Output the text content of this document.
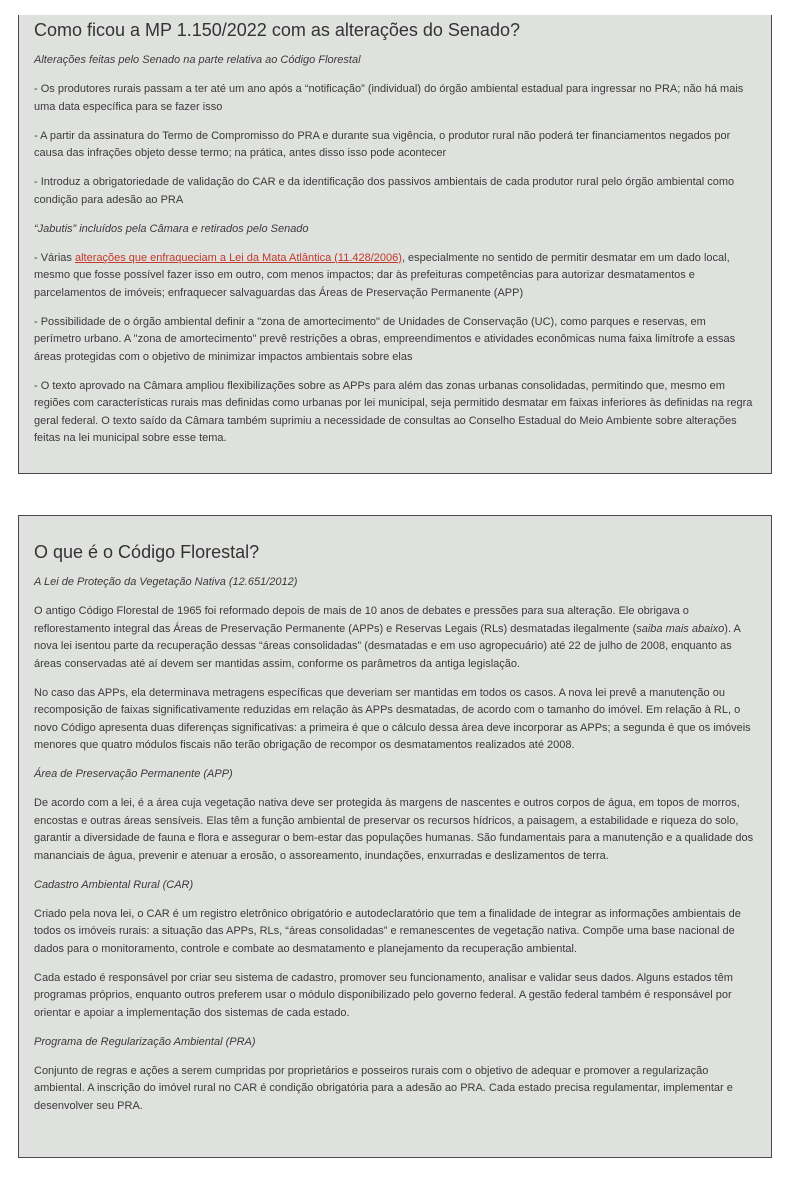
Como ficou a MP 1.150/2022 com as alterações do Senado?

Alterações feitas pelo Senado na parte relativa ao Código Florestal

- Os produtores rurais passam a ter até um ano após a “notificação” (individual) do órgão ambiental estadual para ingressar no PRA; não há mais uma data específica para se fazer isso

- A partir da assinatura do Termo de Compromisso do PRA e durante sua vigência, o produtor rural não poderá ter financiamentos negados por causa das infrações objeto desse termo; na prática, antes disso isso pode acontecer

- Introduz a obrigatoriedade de validação do CAR e da identificação dos passivos ambientais de cada produtor rural pelo órgão ambiental como condição para adesão ao PRA

“Jabutis” incluídos pela Câmara e retirados pelo Senado

- Várias alterações que enfraqueciam a Lei da Mata Atlântica (11.428/2006), especialmente no sentido de permitir desmatar em um dado local, mesmo que fosse possível fazer isso em outro, com menos impactos; dar às prefeituras competências para autorizar desmatamentos e parcelamentos de imóveis; enfraquecer salvaguardas das Áreas de Preservação Permanente (APP)

- Possibilidade de o órgão ambiental definir a "zona de amortecimento" de Unidades de Conservação (UC), como parques e reservas, em perímetro urbano. A "zona de amortecimento" prevê restrições a obras, empreendimentos e atividades econômicas numa faixa limítrofe a essas áreas protegidas com o objetivo de minimizar impactos ambientais sobre elas

- O texto aprovado na Câmara ampliou flexibilizações sobre as APPs para além das zonas urbanas consolidadas, permitindo que, mesmo em regiões com características rurais mas definidas como urbanas por lei municipal, seja permitido desmatar em faixas inferiores às definidas na regra geral federal. O texto saído da Câmara também suprimiu a necessidade de consultas ao Conselho Estadual do Meio Ambiente sobre alterações feitas na lei municipal sobre esse tema.

O que é o Código Florestal?

A Lei de Proteção da Vegetação Nativa (12.651/2012)

O antigo Código Florestal de 1965 foi reformado depois de mais de 10 anos de debates e pressões para sua alteração. Ele obrigava o reflorestamento integral das Áreas de Preservação Permanente (APPs) e Reservas Legais (RLs) desmatadas ilegalmente (saiba mais abaixo). A nova lei isentou parte da recuperação dessas “áreas consolidadas” (desmatadas e em uso agropecuário) até 22 de julho de 2008, enquanto as áreas conservadas até aí devem ser mantidas assim, conforme os parâmetros da antiga legislação.

No caso das APPs, ela determinava metragens específicas que deveriam ser mantidas em todos os casos. A nova lei prevê a manutenção ou recomposição de faixas significativamente reduzidas em relação às APPs desmatadas, de acordo com o tamanho do imóvel. Em relação à RL, o novo Código apresenta duas diferenças significativas: a primeira é que o cálculo dessa área deve incorporar as APPs; a segunda é que os imóveis menores que quatro módulos fiscais não terão obrigação de recompor os desmatamentos realizados até 2008.

Área de Preservação Permanente (APP)

De acordo com a lei, é a área cuja vegetação nativa deve ser protegida às margens de nascentes e outros corpos de água, em topos de morros, encostas e outras áreas sensíveis. Elas têm a função ambiental de preservar os recursos hídricos, a paisagem, a estabilidade e riqueza do solo, garantir a diversidade de fauna e flora e assegurar o bem-estar das populações humanas. São fundamentais para a manutenção e a qualidade dos mananciais de água, prevenir e atenuar a erosão, o assoreamento, inundações, enxurradas e deslizamentos de terra.

Cadastro Ambiental Rural (CAR)

Criado pela nova lei, o CAR é um registro eletrônico obrigatório e autodeclaratório que tem a finalidade de integrar as informações ambientais de todos os imóveis rurais: a situação das APPs, RLs, “áreas consolidadas” e remanescentes de vegetação nativa. Compõe uma base nacional de dados para o monitoramento, controle e combate ao desmatamento e planejamento da recuperação ambiental.

Cada estado é responsável por criar seu sistema de cadastro, promover seu funcionamento, analisar e validar seus dados. Alguns estados têm programas próprios, enquanto outros preferem usar o módulo disponibilizado pelo governo federal. A gestão federal também é responsável por orientar e apoiar a implementação dos sistemas de cada estado.

Programa de Regularização Ambiental (PRA)

Conjunto de regras e ações a serem cumpridas por proprietários e posseiros rurais com o objetivo de adequar e promover a regularização ambiental. A inscrição do imóvel rural no CAR é condição obrigatória para a adesão ao PRA. Cada estado precisa regulamentar, implementar e desenvolver seu PRA.
